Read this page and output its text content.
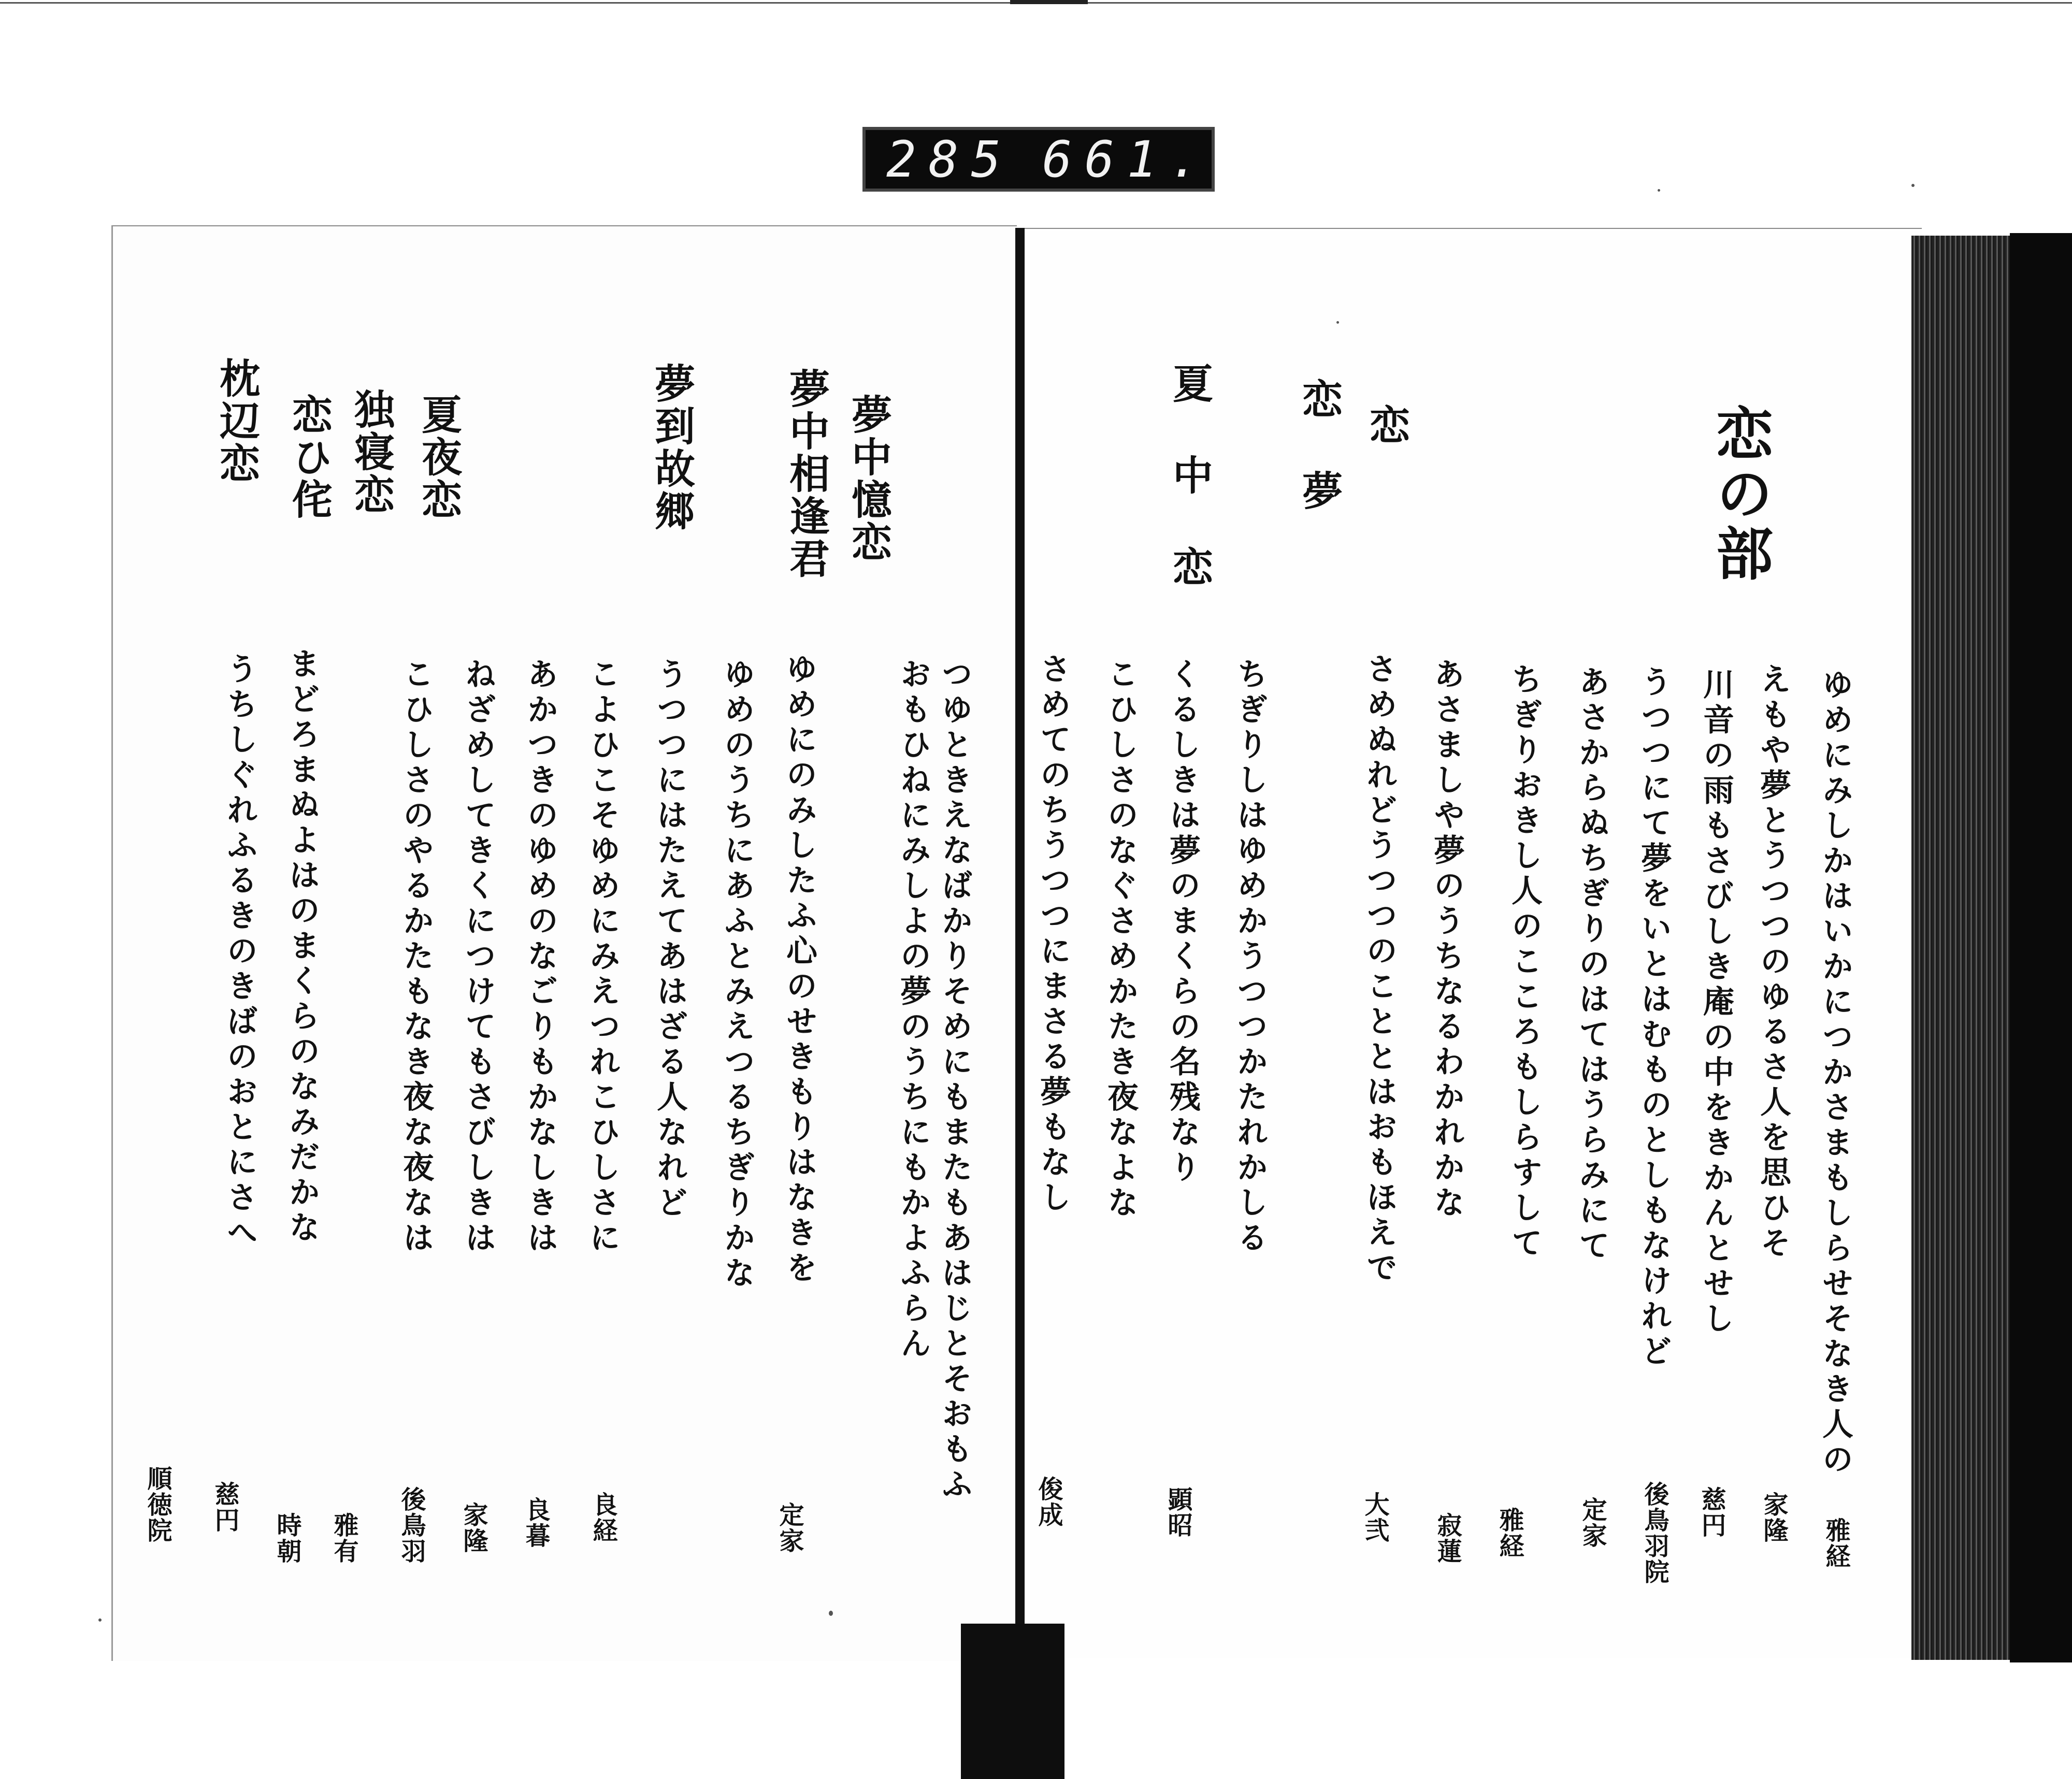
285 661.
恋の部
ゆめにみしかはいかにつかさまもしらせそなき人の
えもや夢とうつつのゆるさ人を思ひそ
川音の雨もさびしき庵の中をきかんとせし
うつつにて夢をいとはむものとしもなけれど
あさからぬちぎりのはてはうらみにて
ちぎりおきし人のこころもしらすして
あさましや夢のうちなるわかれかな
恋
恋 夢
さめぬれどうつつのこととはおもほえで
ちぎりしはゆめかうつつかたれかしる
くるしきは夢のまくらの名残なり
夏 中 恋
こひしさのなぐさめかたき夜なよな
さめてのちうつつにまさる夢もなし
雅経
家隆
慈円
後鳥羽院
定家
雅経
寂蓮
大弐
顕昭
俊成
つゆときえなばかりそめにもまたもあはじとそおもふ
おもひねにみしよの夢のうちにもかよふらん
夢中憶恋
夢中相逢君
夢到故郷
夏夜恋
独寝恋
恋ひ侘
枕辺恋
ゆめにのみしたふ心のせきもりはなきを
ゆめのうちにあふとみえつるちぎりかな
うつつにはたえてあはざる人なれど
こよひこそゆめにみえつれこひしさに
あかつきのゆめのなごりもかなしきは
ねざめしてきくにつけてもさびしきは
こひしさのやるかたもなき夜な夜なは
まどろまぬよはのまくらのなみだかな
うちしぐれふるきのきばのおとにさへ
定家
良経
良暮
家隆
後鳥羽
雅有
時朝
慈円
順徳院
